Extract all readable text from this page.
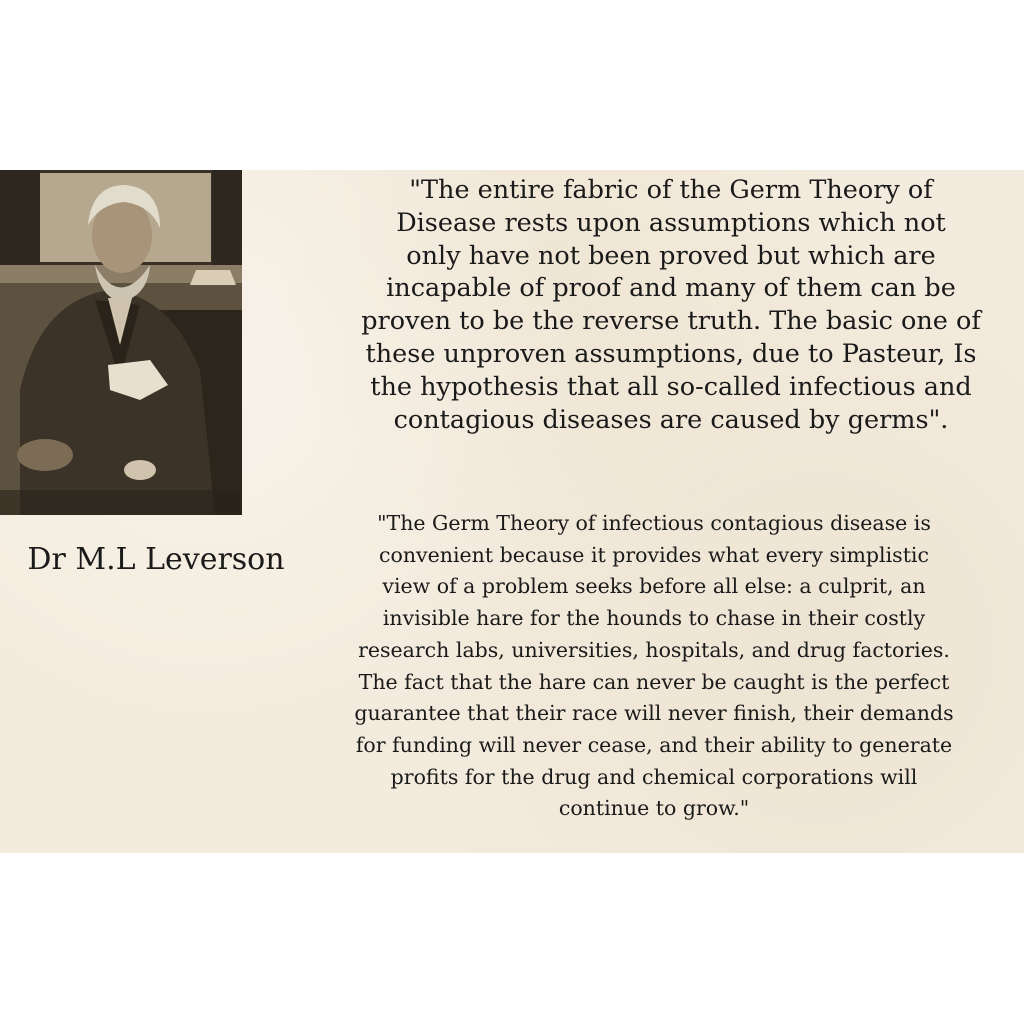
Dr M.L Leverson
"The entire fabric of the Germ Theory of
Disease rests upon assumptions which not
only have not been proved but which are
incapable of proof and many of them can be
proven to be the reverse truth. The basic one of
these unproven assumptions, due to Pasteur, Is
the hypothesis that all so-called infectious and
contagious diseases are caused by germs".
"The Germ Theory of infectious contagious disease is
convenient because it provides what every simplistic
view of a problem seeks before all else: a culprit, an
invisible hare for the hounds to chase in their costly
research labs, universities, hospitals, and drug factories.
The fact that the hare can never be caught is the perfect
guarantee that their race will never finish, their demands
for funding will never cease, and their ability to generate
profits for the drug and chemical corporations will
continue to grow."
